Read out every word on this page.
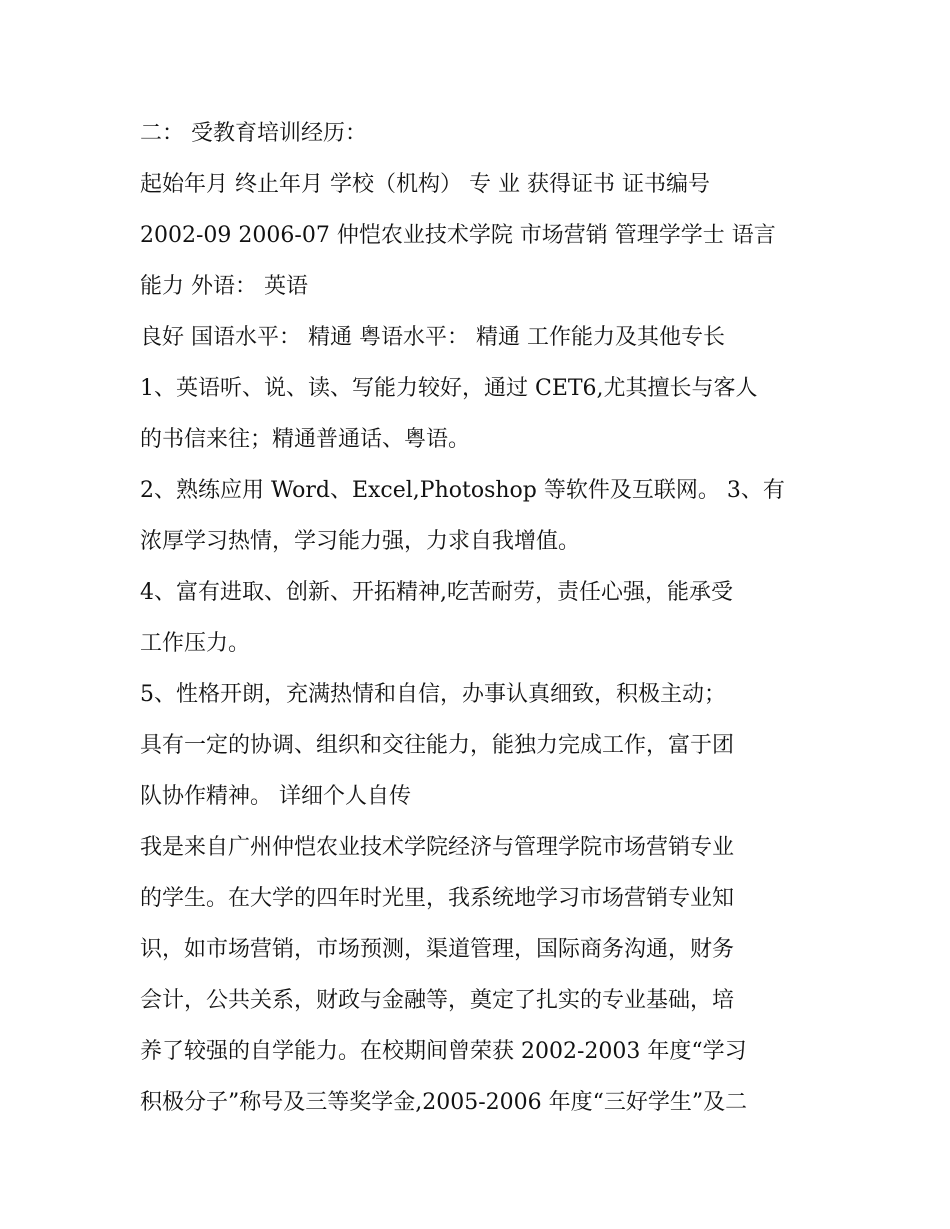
二： 受教育培训经历：
起始年月 终止年月 学校（机构） 专 业 获得证书 证书编号
2002-09 2006-07 仲恺农业技术学院 市场营销 管理学学士 语言
能力 外语： 英语
良好 国语水平： 精通 粤语水平： 精通 工作能力及其他专长
1、英语听、说、读、写能力较好，通过 CET6,尤其擅长与客人
的书信来往；精通普通话、粤语。
2、熟练应用 Word、Excel,Photoshop 等软件及互联网。 3、有
浓厚学习热情，学习能力强，力求自我增值。
4、富有进取、创新、开拓精神,吃苦耐劳，责任心强，能承受
工作压力。
5、性格开朗，充满热情和自信，办事认真细致，积极主动；
具有一定的协调、组织和交往能力，能独力完成工作，富于团
队协作精神。 详细个人自传
我是来自广州仲恺农业技术学院经济与管理学院市场营销专业
的学生。在大学的四年时光里，我系统地学习市场营销专业知
识，如市场营销，市场预测，渠道管理，国际商务沟通，财务
会计，公共关系，财政与金融等，奠定了扎实的专业基础，培
养了较强的自学能力。在校期间曾荣获 2002-2003 年度“学习
积极分子”称号及三等奖学金,2005-2006 年度“三好学生”及二
